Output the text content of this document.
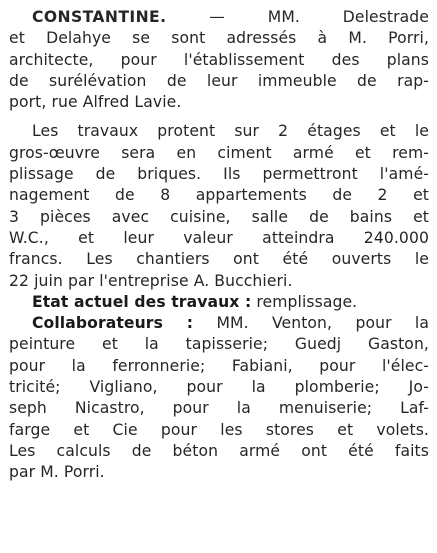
CONSTANTINE. — MM. Delestrade
et Delahye se sont adressés à M. Porri,
architecte, pour l'établissement des plans
de surélévation de leur immeuble de rap-
port, rue Alfred Lavie.
Les travaux protent sur 2 étages et le
gros-œuvre sera en ciment armé et rem-
plissage de briques. Ils permettront l'amé-
nagement de 8 appartements de 2 et
3 pièces avec cuisine, salle de bains et
W.C., et leur valeur atteindra 240.000
francs. Les chantiers ont été ouverts le
22 juin par l'entreprise A. Bucchieri.
Etat actuel des travaux : remplissage.
Collaborateurs : MM. Venton, pour la
peinture et la tapisserie; Guedj Gaston,
pour la ferronnerie; Fabiani, pour l'élec-
tricité; Vigliano, pour la plomberie; Jo-
seph Nicastro, pour la menuiserie; Laf-
farge et Cie pour les stores et volets.
Les calculs de béton armé ont été faits
par M. Porri.
